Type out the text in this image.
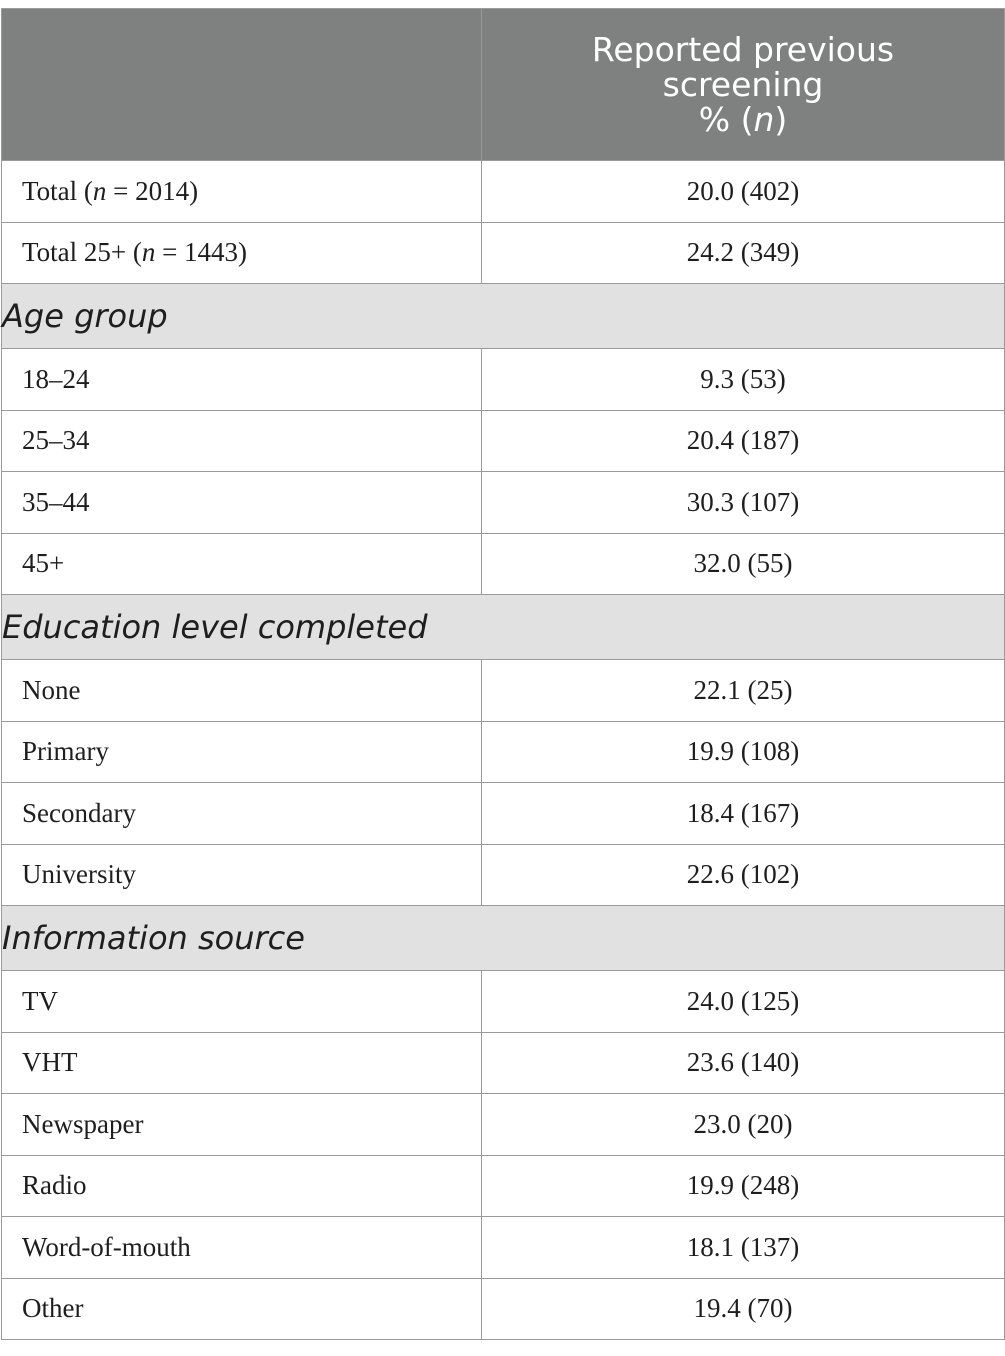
	Reported previous
screening
% (n)

Total (n = 2014)	20.0 (402)
Total 25+ (n = 1443)	24.2 (349)
Age group	
18–24	9.3 (53)
25–34	20.4 (187)
35–44	30.3 (107)
45+	32.0 (55)
Education level completed	
None	22.1 (25)
Primary	19.9 (108)
Secondary	18.4 (167)
University	22.6 (102)
Information source	
TV	24.0 (125)
VHT	23.6 (140)
Newspaper	23.0 (20)
Radio	19.9 (248)
Word-of-mouth	18.1 (137)
Other	19.4 (70)
